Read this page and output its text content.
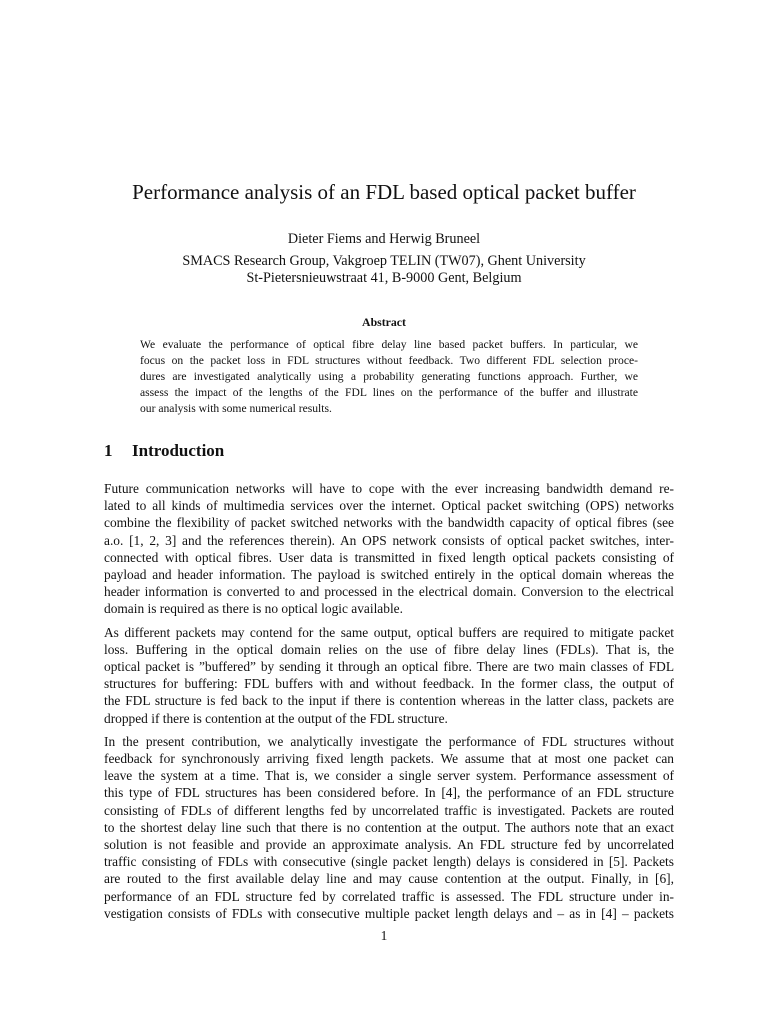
Performance analysis of an FDL based optical packet buffer
Dieter Fiems and Herwig Bruneel
SMACS Research Group, Vakgroep TELIN (TW07), Ghent University
St-Pietersnieuwstraat 41, B-9000 Gent, Belgium
Abstract
We evaluate the performance of optical fibre delay line based packet buffers. In particular, we
focus on the packet loss in FDL structures without feedback. Two different FDL selection proce-
dures are investigated analytically using a probability generating functions approach. Further, we
assess the impact of the lengths of the FDL lines on the performance of the buffer and illustrate
our analysis with some numerical results.
1 Introduction
Future communication networks will have to cope with the ever increasing bandwidth demand re-
lated to all kinds of multimedia services over the internet. Optical packet switching (OPS) networks
combine the flexibility of packet switched networks with the bandwidth capacity of optical fibres (see
a.o. [1, 2, 3] and the references therein). An OPS network consists of optical packet switches, inter-
connected with optical fibres. User data is transmitted in fixed length optical packets consisting of
payload and header information. The payload is switched entirely in the optical domain whereas the
header information is converted to and processed in the electrical domain. Conversion to the electrical
domain is required as there is no optical logic available.
As different packets may contend for the same output, optical buffers are required to mitigate packet
loss. Buffering in the optical domain relies on the use of fibre delay lines (FDLs). That is, the
optical packet is ”buffered” by sending it through an optical fibre. There are two main classes of FDL
structures for buffering: FDL buffers with and without feedback. In the former class, the output of
the FDL structure is fed back to the input if there is contention whereas in the latter class, packets are
dropped if there is contention at the output of the FDL structure.
In the present contribution, we analytically investigate the performance of FDL structures without
feedback for synchronously arriving fixed length packets. We assume that at most one packet can
leave the system at a time. That is, we consider a single server system. Performance assessment of
this type of FDL structures has been considered before. In [4], the performance of an FDL structure
consisting of FDLs of different lengths fed by uncorrelated traffic is investigated. Packets are routed
to the shortest delay line such that there is no contention at the output. The authors note that an exact
solution is not feasible and provide an approximate analysis. An FDL structure fed by uncorrelated
traffic consisting of FDLs with consecutive (single packet length) delays is considered in [5]. Packets
are routed to the first available delay line and may cause contention at the output. Finally, in [6],
performance of an FDL structure fed by correlated traffic is assessed. The FDL structure under in-
vestigation consists of FDLs with consecutive multiple packet length delays and – as in [4] – packets
1
